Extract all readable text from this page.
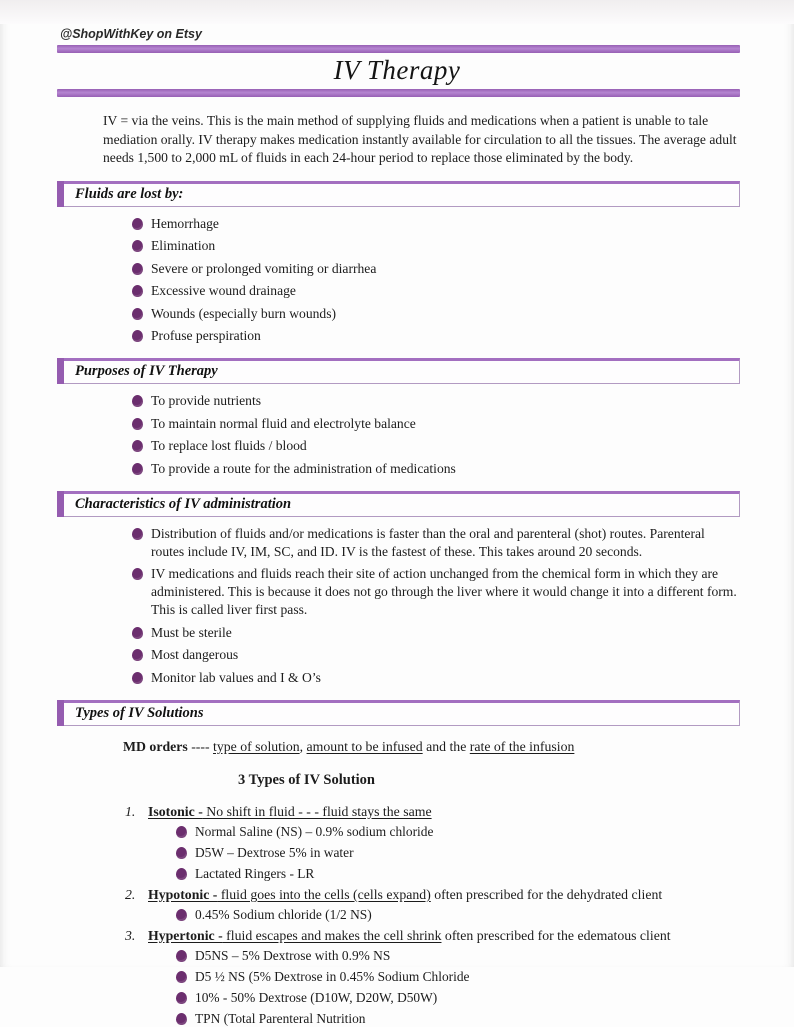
@ShopWithKey on Etsy
IV Therapy

IV = via the veins. This is the main method of supplying fluids and medications when a patient is unable to tale mediation orally. IV therapy makes medication instantly available for circulation to all the tissues. The average adult needs 1,500 to 2,000 mL of fluids in each 24-hour period to replace those eliminated by the body.

Fluids are lost by:
Hemorrhage
Elimination
Severe or prolonged vomiting or diarrhea
Excessive wound drainage
Wounds (especially burn wounds)
Profuse perspiration
Purposes of IV Therapy
To provide nutrients
To maintain normal fluid and electrolyte balance
To replace lost fluids / blood
To provide a route for the administration of medications
Characteristics of IV administration
Distribution of fluids and/or medications is faster than the oral and parenteral (shot) routes. Parenteral routes include IV, IM, SC, and ID. IV is the fastest of these. This takes around 20 seconds.
IV medications and fluids reach their site of action unchanged from the chemical form in which they are administered. This is because it does not go through the liver where it would change it into a different form. This is called liver first pass.
Must be sterile
Most dangerous
Monitor lab values and I & O’s
Types of IV Solutions

MD orders ---- type of solution, amount to be infused and the rate of the infusion

3 Types of IV Solution

1. Isotonic - No shift in fluid - - - fluid stays the same
Normal Saline (NS) – 0.9% sodium chloride
D5W – Dextrose 5% in water
Lactated Ringers - LR
2. Hypotonic - fluid goes into the cells (cells expand) often prescribed for the dehydrated client
0.45% Sodium chloride (1/2 NS)
3. Hypertonic - fluid escapes and makes the cell shrink often prescribed for the edematous client
D5NS – 5% Dextrose with 0.9% NS
D5 ½ NS (5% Dextrose in 0.45% Sodium Chloride
10% - 50% Dextrose (D10W, D20W, D50W)
TPN (Total Parenteral Nutrition
